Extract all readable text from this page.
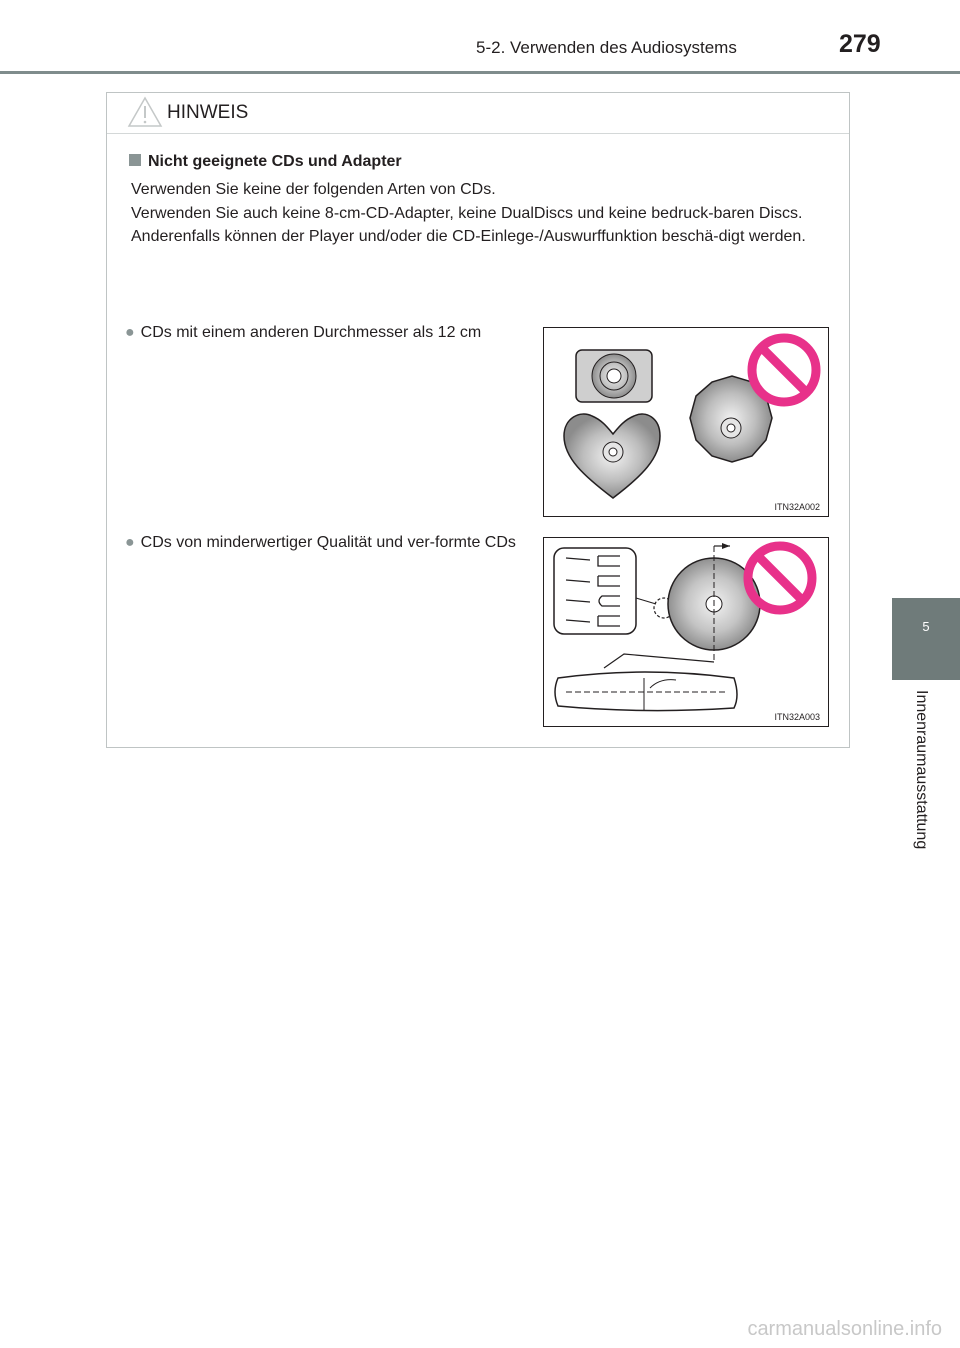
5-2. Verwenden des Audiosystems	279
5
Innenraumausstattung
HINWEIS
Nicht geeignete CDs und Adapter

Verwenden Sie keine der folgenden Arten von CDs.

Verwenden Sie auch keine 8-cm-CD-Adapter, keine DualDiscs und keine bedruck-baren Discs.

Anderenfalls können der Player und/oder die CD-Einlege-/Auswurffunktion beschä-digt werden.

● CDs mit einem anderen Durchmesser als 12 cm
ITN32A002
● CDs von minderwertiger Qualität und ver-formte CDs
ITN32A003
carmanualsonline.info
